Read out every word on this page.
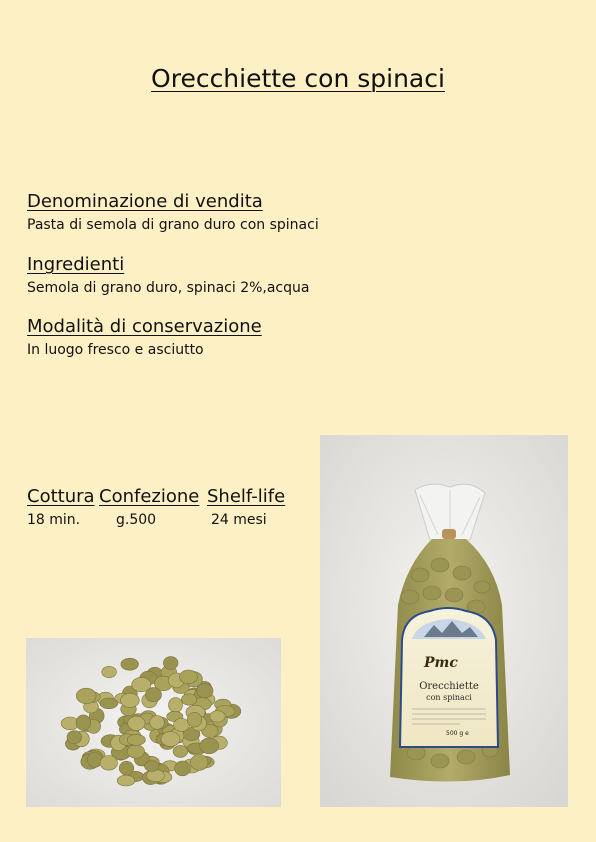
Orecchiette con spinaci
Denominazione di vendita
Pasta di semola di grano duro con spinaci
Ingredienti
Semola di grano duro, spinaci 2%,acqua
Modalità di conservazione
In luogo fresco e asciutto
Cottura
18 min.
Confezione
g.500
Shelf-life
24 mesi
Pmc
Orecchiette
con spinaci
500 g e
